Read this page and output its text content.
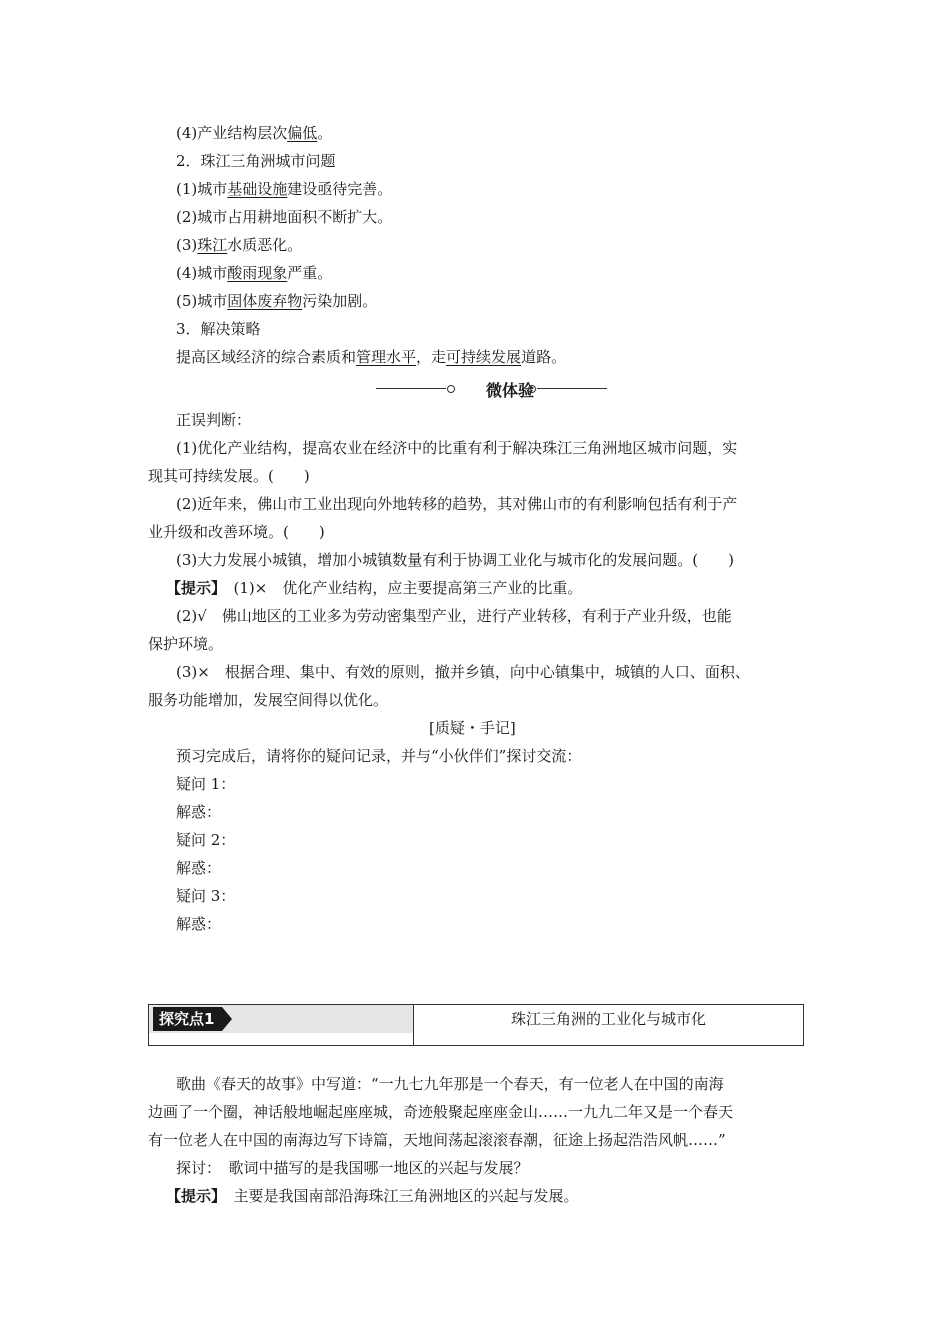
(4)产业结构层次偏低。
2．珠江三角洲城市问题
(1)城市基础设施建设亟待完善。
(2)城市占用耕地面积不断扩大。
(3)珠江水质恶化。
(4)城市酸雨现象严重。
(5)城市固体废弃物污染加剧。
3．解决策略
提高区域经济的综合素质和管理水平，走可持续发展道路。
微体验
正误判断：
(1)优化产业结构，提高农业在经济中的比重有利于解决珠江三角洲地区城市问题，实
现其可持续发展。(　　)
(2)近年来，佛山市工业出现向外地转移的趋势，其对佛山市的有利影响包括有利于产
业升级和改善环境。(　　)
(3)大力发展小城镇，增加小城镇数量有利于协调工业化与城市化的发展问题。(　　)
【提示】　(1)×　优化产业结构，应主要提高第三产业的比重。
(2)√　佛山地区的工业多为劳动密集型产业，进行产业转移，有利于产业升级，也能
保护环境。
(3)×　根据合理、集中、有效的原则，撤并乡镇，向中心镇集中，城镇的人口、面积、
服务功能增加，发展空间得以优化。
[质疑・手记]
预习完成后，请将你的疑问记录，并与“小伙伴们”探讨交流：
疑问 1：
解惑：
疑问 2：
解惑：
疑问 3：
解惑：
探究点1	珠江三角洲的工业化与城市化
歌曲《春天的故事》中写道：“一九七九年那是一个春天，有一位老人在中国的南海
边画了一个圈，神话般地崛起座座城，奇迹般聚起座座金山……一九九二年又是一个春天
有一位老人在中国的南海边写下诗篇，天地间荡起滚滚春潮，征途上扬起浩浩风帆……”
探讨：　歌词中描写的是我国哪一地区的兴起与发展？
【提示】　主要是我国南部沿海珠江三角洲地区的兴起与发展。
